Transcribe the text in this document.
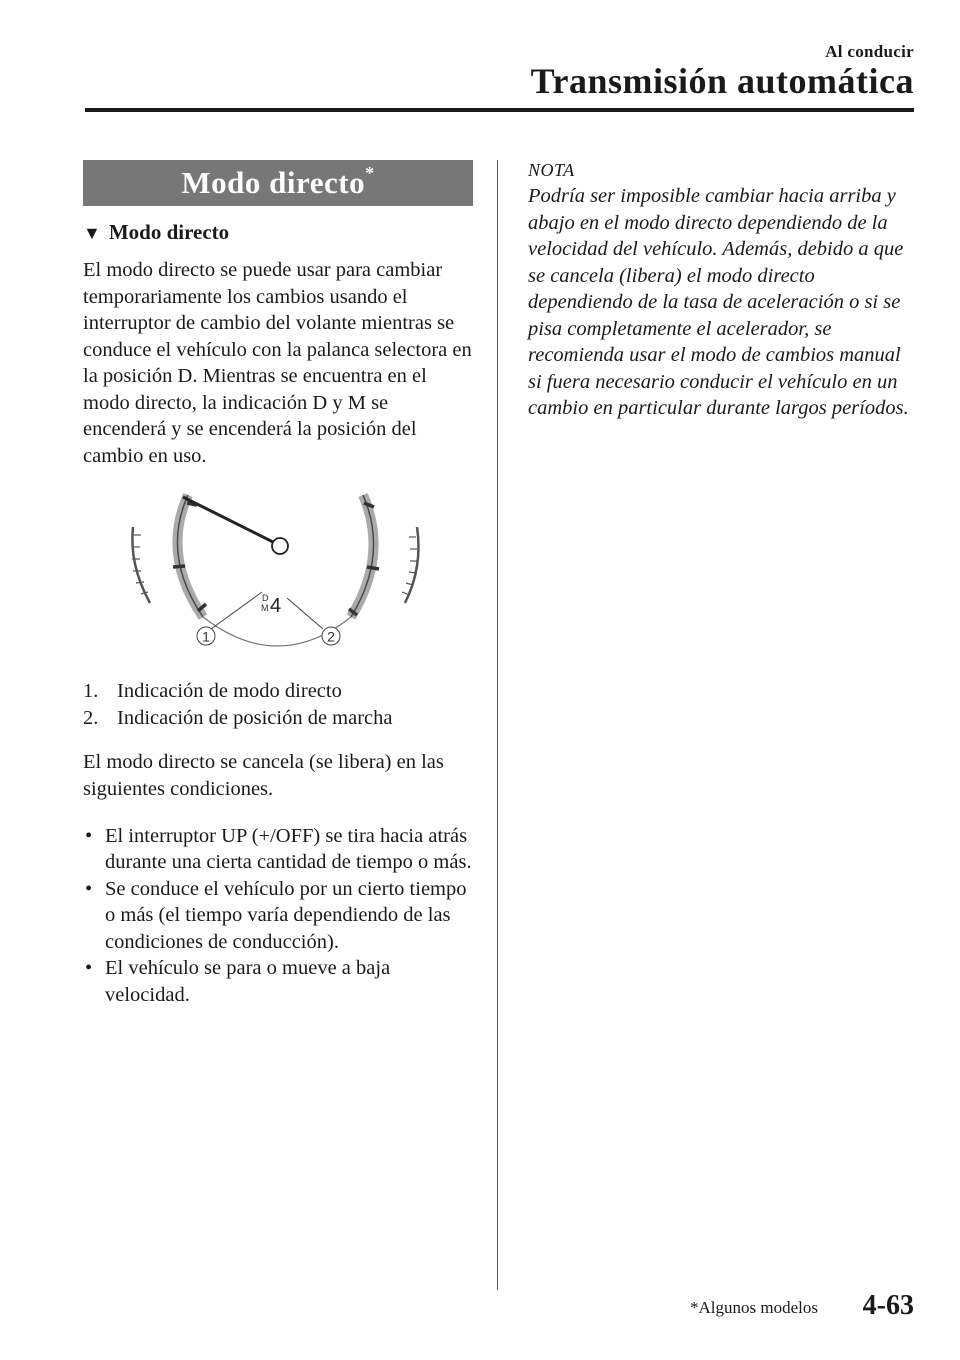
Al conducir
Transmisión automática
Modo directo*
▼ Modo directo

El modo directo se puede usar para cambiar temporariamente los cambios usando el interruptor de cambio del volante mientras se conduce el vehículo con la palanca selectora en la posición D. Mientras se encuentra en el modo directo, la indicación D y M se encenderá y se encenderá la posición del cambio en uso.

D
M 4
1	2
1. Indicación de modo directo
2. Indicación de posición de marcha

El modo directo se cancela (se libera) en las siguientes condiciones.

• El interruptor UP (+/OFF) se tira hacia atrás durante una cierta cantidad de tiempo o más.
• Se conduce el vehículo por un cierto tiempo o más (el tiempo varía dependiendo de las condiciones de conducción).
• El vehículo se para o mueve a baja velocidad.
NOTA
Podría ser imposible cambiar hacia arriba y abajo en el modo directo dependiendo de la velocidad del vehículo. Además, debido a que se cancela (libera) el modo directo dependiendo de la tasa de aceleración o si se pisa completamente el acelerador, se recomienda usar el modo de cambios manual si fuera necesario conducir el vehículo en un cambio en particular durante largos períodos.
*Algunos modelos 4-63
